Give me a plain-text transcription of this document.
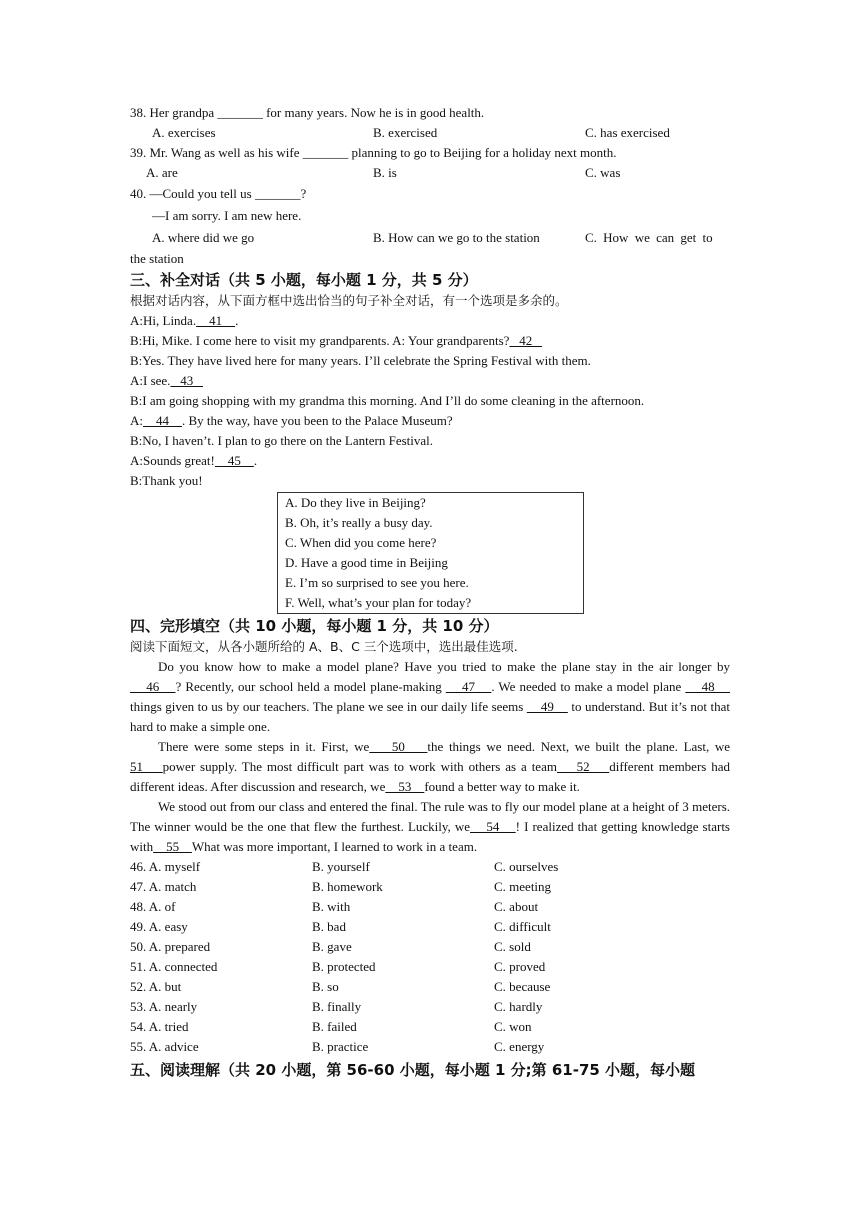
38. Her grandpa _______ for many years. Now he is in good health.
A. exercises	B. exercised	C. has exercised
39. Mr. Wang as well as his wife _______ planning to go to Beijing for a holiday next month.
A. are	B. is	C. was
40. —Could you tell us _______?
—I am sorry. I am new here.
A. where did we go	B. How can we go to the station	C. How we can get to
the station
三、补全对话（共 5 小题，每小题 1 分，共 5 分）
根据对话内容，从下面方框中选出恰当的句子补全对话，有一个选项是多余的。
A:Hi, Linda.    41    .
B:Hi, Mike. I come here to visit my grandparents. A: Your grandparents?   42
B:Yes. They have lived here for many years. I’ll celebrate the Spring Festival with them.
A:I see.   43
B:I am going shopping with my grandma this morning. And I’ll do some cleaning in the afternoon.
A:    44    . By the way, have you been to the Palace Museum?
B:No, I haven’t. I plan to go there on the Lantern Festival.
A:Sounds great!    45    .
B:Thank you!
A. Do they live in Beijing?
B. Oh, it’s really a busy day.
C. When did you come here?
D. Have a good time in Beijing
E. I’m so surprised to see you here.
F. Well, what’s your plan for today?
四、完形填空（共 10 小题，每小题 1 分，共 10 分）
阅读下面短文，从各小题所给的 A、B、C 三个选项中，选出最佳选项.
Do you know how to make a model plane? Have you tried to make the plane stay in the air longer by     46    ? Recently, our school held a model plane-making     47    . We needed to make a model plane     48     things given to us by our teachers. The plane we see in our daily life seems     49     to understand. But it’s not that hard to make a simple one.
There were some steps in it. First, we    50    the things we need. Next, we built the plane. Last, we 51    power supply. The most difficult part was to work with others as a team    52    different members had different ideas. After discussion and research, we    53    found a better way to make it.
We stood out from our class and entered the final. The rule was to fly our model plane at a height of 3 meters. The winner would be the one that flew the furthest. Luckily, we    54    ! I realized that getting knowledge starts with    55    What was more important, I learned to work in a team.
46. A. myself	B. yourself	C. ourselves
47. A. match	B. homework	C. meeting
48. A. of	B. with	C. about
49. A. easy	B. bad	C. difficult
50. A. prepared	B. gave	C. sold
51. A. connected	B. protected	C. proved
52. A. but	B. so	C. because
53. A. nearly	B. finally	C. hardly
54. A. tried	B. failed	C. won
55. A. advice	B. practice	C. energy
五、阅读理解（共 20 小题，第 56-60 小题，每小题 1 分;第 61-75 小题，每小题
